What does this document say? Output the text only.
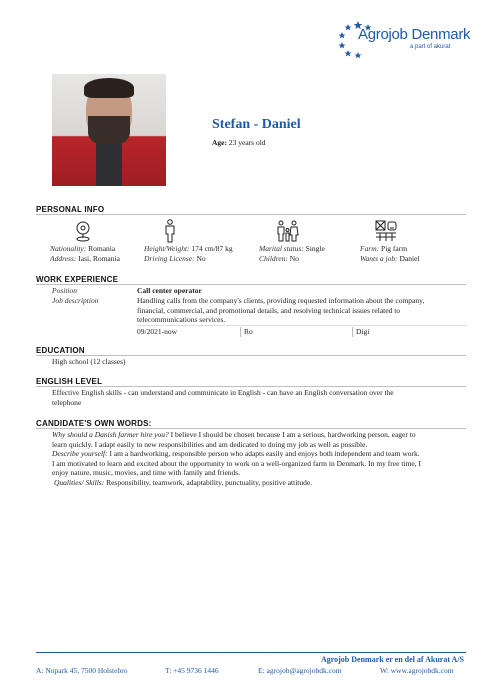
Agrojob Denmark
a part of akurat
Stefan - Daniel
Age: 23 years old
PERSONAL INFO
Nationality: Romania
Address: Iasi, Romania
Height/Weight: 174 cm/87 kg
Driving License: No
Marital status: Single
Children: No
Farm: Pig farm
Wants a job: Daniel
WORK EXPERIENCE
Position	Call center operator
Job description	Handling calls from the company's clients, providing requested information about the company,
financial, commercial, and promotional details, and resolving technical issues related to
telecommunications services.
09/2021-now	Ro	Digi
EDUCATION
High school (12 classes)
ENGLISH LEVEL
Effective English skills - can understand and communicate in English - can have an English conversation over the
telephone
CANDIDATE'S OWN WORDS:
Why should a Danish farmer hire you? I believe I should be chosen because I am a serious, hardworking person, eager to
learn quickly. I adapt easily to new responsibilities and am dedicated to doing my job as well as possible.
Describe yourself: I am a hardworking, responsible person who adapts easily and enjoys both independent and team work.
I am motivated to learn and excited about the opportunity to work on a well-organized farm in Denmark. In my free time, I
enjoy nature, music, movies, and time with family and friends.
Qualities/ Skills: Responsibility, teamwork, adaptability, punctuality, positive attitude.
Agrojob Denmark er en del af Akurat A/S
A: Nupark 45, 7500 Holstebro	T: +45 9736 1446	E: agrojob@agrojobdk.com	W: www.agrojobdk.com
